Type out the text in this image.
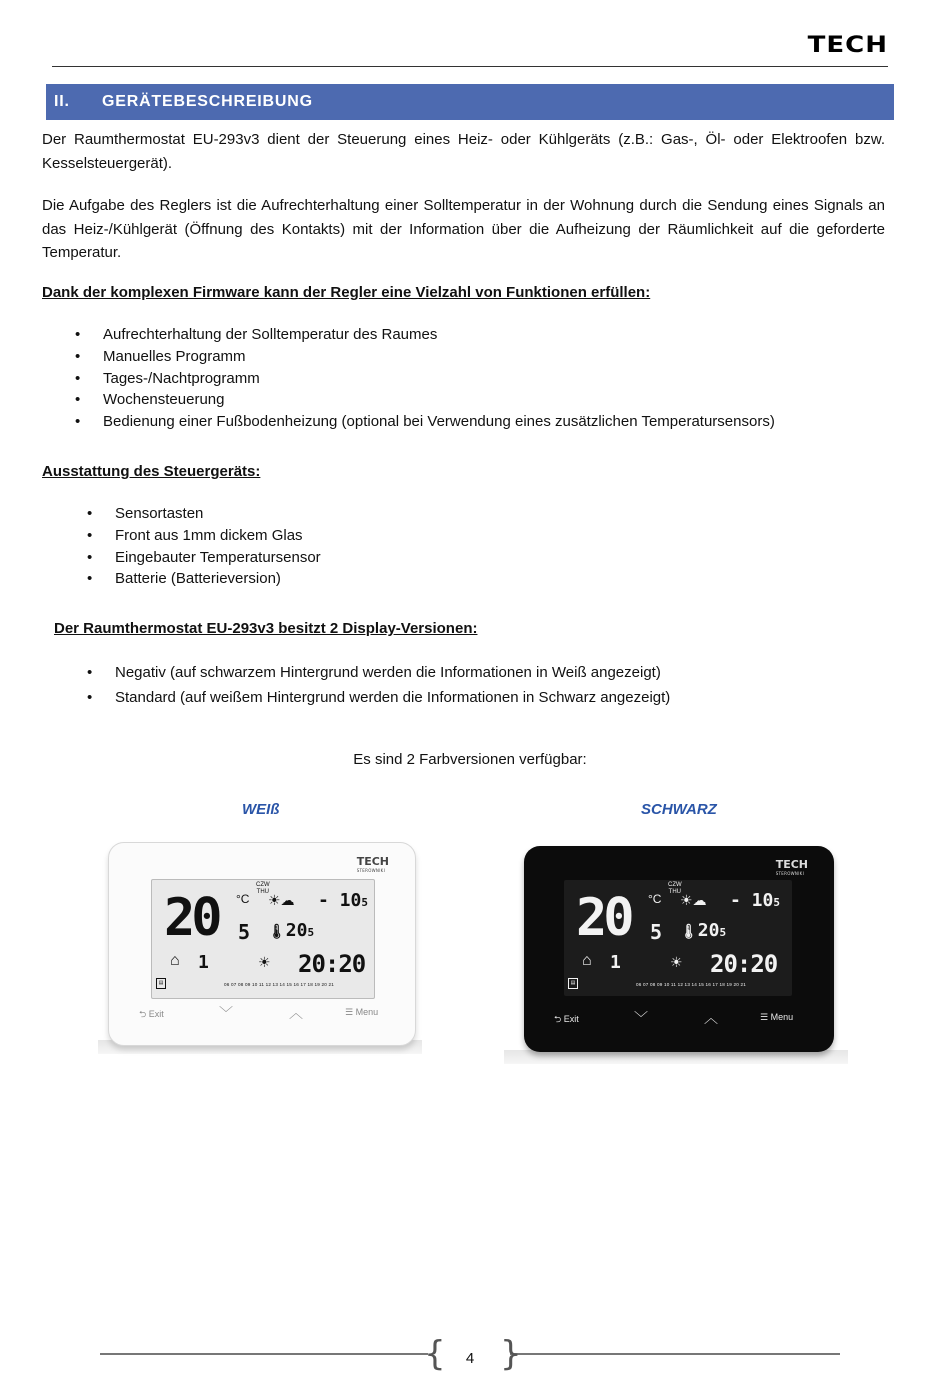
TECH
II. GERÄTEBESCHREIBUNG
Der Raumthermostat EU-293v3 dient der Steuerung eines Heiz- oder Kühlgeräts (z.B.: Gas-, Öl- oder Elektroofen bzw. Kesselsteuergerät).
Die Aufgabe des Reglers ist die Aufrechterhaltung einer Solltemperatur in der Wohnung durch die Sendung eines Signals an das Heiz-/Kühlgerät (Öffnung des Kontakts) mit der Information über die Aufheizung der Räumlichkeit auf die geforderte Temperatur.
Dank der komplexen Firmware kann der Regler eine Vielzahl von Funktionen erfüllen:
• Aufrechterhaltung der Solltemperatur des Raumes
• Manuelles Programm
• Tages-/Nachtprogramm
• Wochensteuerung
• Bedienung einer Fußbodenheizung (optional bei Verwendung eines zusätzlichen Temperatursensors)
Ausstattung des Steuergeräts:
• Sensortasten
• Front aus 1mm dickem Glas
• Eingebauter Temperatursensor
• Batterie (Batterieversion)
Der Raumthermostat EU-293v3 besitzt 2 Display-Versionen:
• Negativ (auf schwarzem Hintergrund werden die Informationen in Weiß angezeigt)
• Standard (auf weißem Hintergrund werden die Informationen in Schwarz angezeigt)
Es sind 2 Farbversionen verfügbar:
WEIß	SCHWARZ
TECH
STEROWNIKI
CZW
THU
20 °C
5
☀☁ - 105
🌡205
⌂ 1	☀ 20:20
▤	06 07 08 09 10 11 12 13 14 15 16 17 18 19 20 21
⮌ Exit	﹀	︿	☰ Menu
TECH
STEROWNIKI
CZW
THU
20 °C
5
☀☁ - 105
🌡205
⌂ 1	☀ 20:20
▤	06 07 08 09 10 11 12 13 14 15 16 17 18 19 20 21
⮌ Exit	﹀	︿	☰ Menu
{ }
4
